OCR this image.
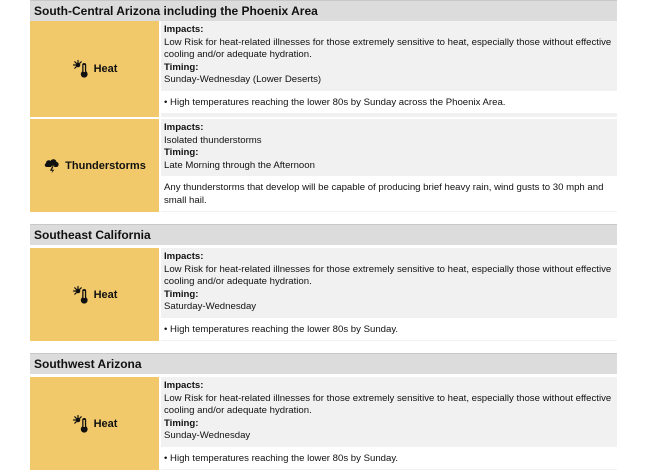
South-Central Arizona including the Phoenix Area
Heat
Impacts:
Low Risk for heat-related illnesses for those extremely sensitive to heat, especially those without effective cooling and/or adequate hydration.
Timing:
Sunday-Wednesday (Lower Deserts)
• High temperatures reaching the lower 80s by Sunday across the Phoenix Area.
Thunderstorms
Impacts:
Isolated thunderstorms
Timing:
Late Morning through the Afternoon
Any thunderstorms that develop will be capable of producing brief heavy rain, wind gusts to 30 mph and small hail.
Southeast California
Heat
Impacts:
Low Risk for heat-related illnesses for those extremely sensitive to heat, especially those without effective cooling and/or adequate hydration.
Timing:
Saturday-Wednesday
• High temperatures reaching the lower 80s by Sunday.
Southwest Arizona
Heat
Impacts:
Low Risk for heat-related illnesses for those extremely sensitive to heat, especially those without effective cooling and/or adequate hydration.
Timing:
Sunday-Wednesday
• High temperatures reaching the lower 80s by Sunday.
